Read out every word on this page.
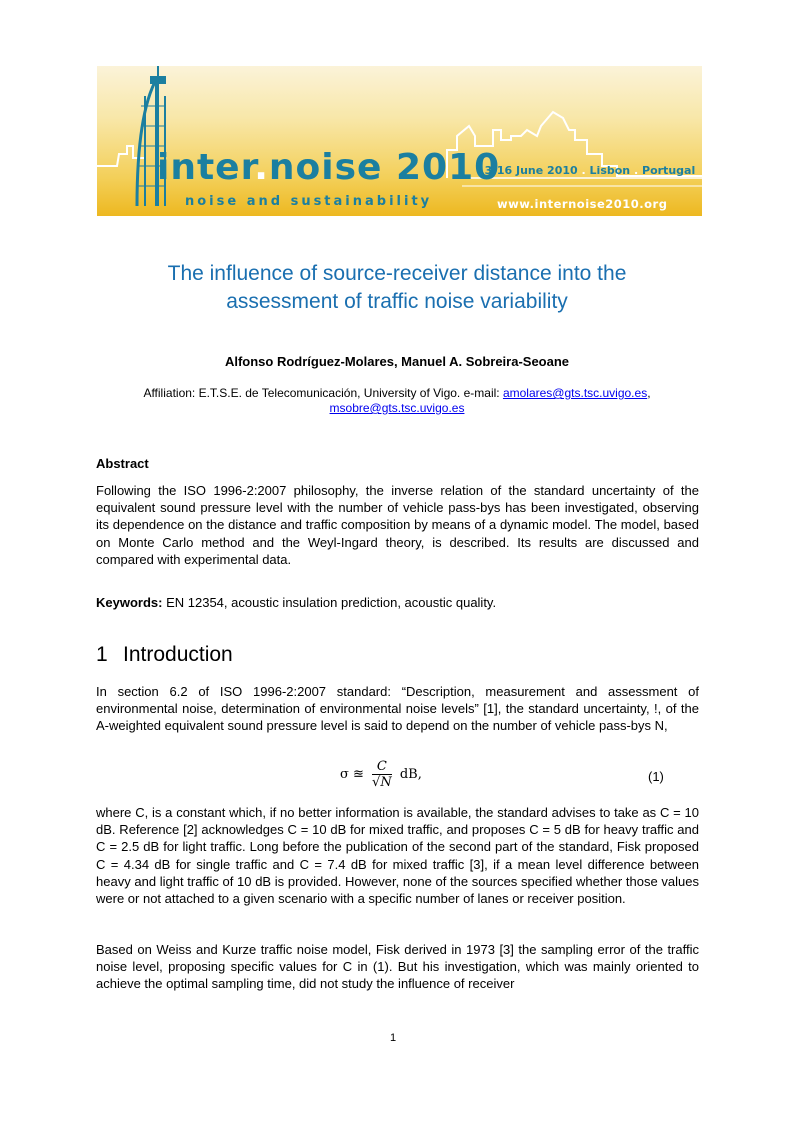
inter.noise 2010
noise and sustainability
13-16 June 2010 . Lisbon . Portugal
www.internoise2010.org
The influence of source-receiver distance into the
assessment of traffic noise variability
Alfonso Rodríguez-Molares, Manuel A. Sobreira-Seoane
Affiliation: E.T.S.E. de Telecomunicación, University of Vigo. e-mail: amolares@gts.tsc.uvigo.es,
msobre@gts.tsc.uvigo.es
Abstract

Following the ISO 1996-2:2007 philosophy, the inverse relation of the standard uncertainty of the equivalent sound pressure level with the number of vehicle pass-bys has been investigated, observing its dependence on the distance and traffic composition by means of a dynamic model. The model, based on Monte Carlo method and the Weyl-Ingard theory, is described. Its results are discussed and compared with experimental data.

Keywords: EN 12354, acoustic insulation prediction, acoustic quality.
1 Introduction

In section 6.2 of ISO 1996-2:2007 standard: “Description, measurement and assessment of environmental noise, determination of environmental noise levels” [1], the standard uncertainty, !, of the A-weighted equivalent sound pressure level is said to depend on the number of vehicle pass-bys N,

σ ≊ $\frac{C}{√N}$ dB,	(1)

where C, is a constant which, if no better information is available, the standard advises to take as C = 10 dB. Reference [2] acknowledges C = 10 dB for mixed traffic, and proposes C = 5 dB for heavy traffic and C = 2.5 dB for light traffic. Long before the publication of the second part of the standard, Fisk proposed C = 4.34 dB for single traffic and C = 7.4 dB for mixed traffic [3], if a mean level difference between heavy and light traffic of 10 dB is provided. However, none of the sources specified whether those values were or not attached to a given scenario with a specific number of lanes or receiver position.

Based on Weiss and Kurze traffic noise model, Fisk derived in 1973 [3] the sampling error of the traffic noise level, proposing specific values for C in (1). But his investigation, which was mainly oriented to achieve the optimal sampling time, did not study the influence of receiver

1
